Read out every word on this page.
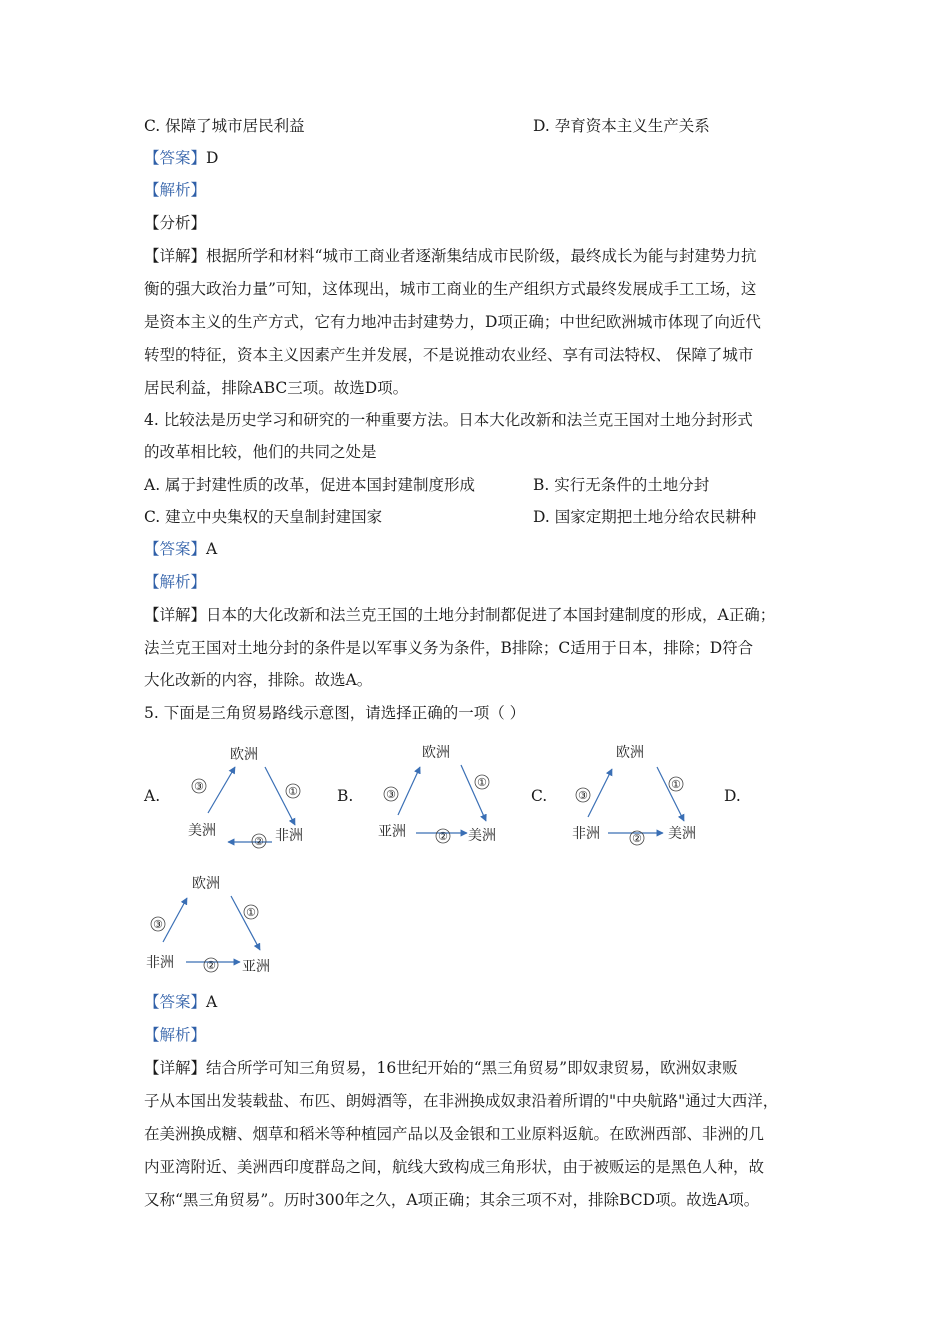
C. 保障了城市居民利益	D. 孕育资本主义生产关系
【答案】D
【解析】
【分析】
【详解】根据所学和材料“城市工商业者逐渐集结成市民阶级，最终成长为能与封建势力抗
衡的强大政治力量”可知，这体现出，城市工商业的生产组织方式最终发展成手工工场，这
是资本主义的生产方式，它有力地冲击封建势力，D项正确；中世纪欧洲城市体现了向近代
转型的特征，资本主义因素产生并发展，不是说推动农业经、享有司法特权、 保障了城市
居民利益，排除ABC三项。故选D项。
4. 比较法是历史学习和研究的一种重要方法。日本大化改新和法兰克王国对土地分封形式
的改革相比较，他们的共同之处是
A. 属于封建性质的改革，促进本国封建制度形成	B. 实行无条件的土地分封
C. 建立中央集权的天皇制封建国家	D. 国家定期把土地分给农民耕种
【答案】A
【解析】
【详解】日本的大化改新和法兰克王国的土地分封制都促进了本国封建制度的形成，A正确；
法兰克王国对土地分封的条件是以军事义务为条件，B排除；C适用于日本，排除；D符合
大化改新的内容，排除。故选A。
5. 下面是三角贸易路线示意图，请选择正确的一项（ ）
A.	B.	C.	D.
欧洲
美洲	非洲
③	①
②
欧洲
亚洲	美洲
③
①
②
欧洲
非洲	美洲
③
①
②
欧洲
非洲	亚洲
③
①
②
【答案】A
【解析】
【详解】结合所学可知三角贸易，16世纪开始的“黑三角贸易”即奴隶贸易，欧洲奴隶贩
子从本国出发装载盐、布匹、朗姆酒等，在非洲换成奴隶沿着所谓的"中央航路"通过大西洋，
在美洲换成糖、烟草和稻米等种植园产品以及金银和工业原料返航。在欧洲西部、非洲的几
内亚湾附近、美洲西印度群岛之间，航线大致构成三角形状，由于被贩运的是黑色人种，故
又称“黑三角贸易”。历时300年之久，A项正确；其余三项不对，排除BCD项。故选A项。
